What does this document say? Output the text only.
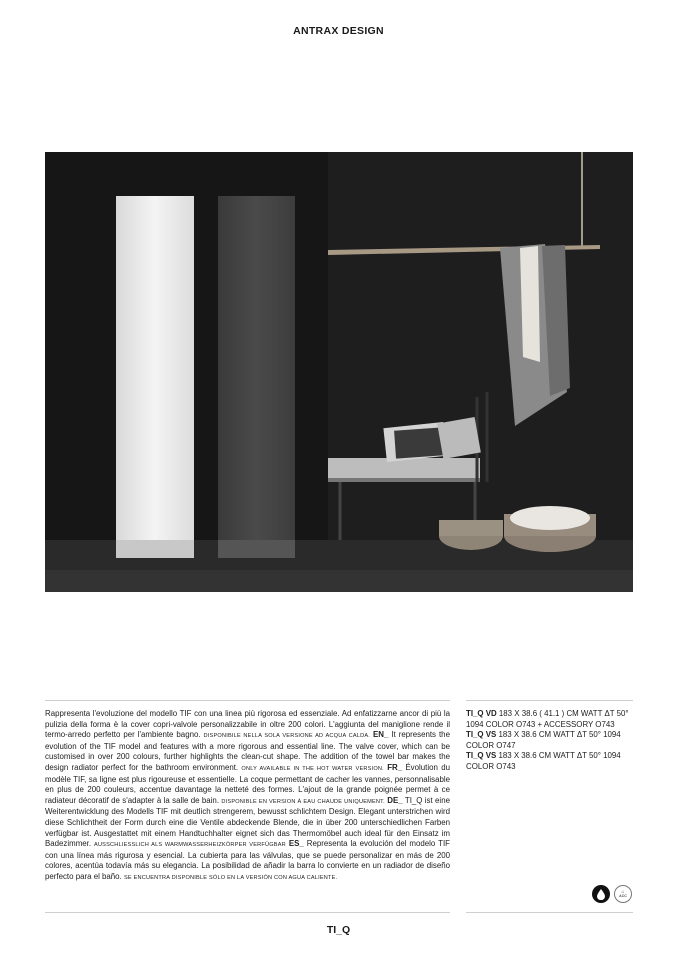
ANTRAX DESIGN
Rappresenta l'evoluzione del modello TIF con una linea più rigorosa ed essenziale. Ad enfatizzarne ancor di più la pulizia della forma è la cover copri-valvole personalizzabile in oltre 200 colori. L'aggiunta del maniglione rende il termo-arredo perfetto per l'ambiente bagno. DISPONIBILE NELLA SOLA VERSIONE AD ACQUA CALDA. EN_ It represents the evolution of the TIF model and features with a more rigorous and essential line. The valve cover, which can be customised in over 200 colours, further highlights the clean-cut shape. The addition of the towel bar makes the design radiator perfect for the bathroom environment. ONLY AVAILABLE IN THE HOT WATER VERSION. FR_ Évolution du modèle TIF, sa ligne est plus rigoureuse et essentielle. La coque permettant de cacher les vannes, personnalisable en plus de 200 couleurs, accentue davantage la netteté des formes. L'ajout de la grande poignée permet à ce radiateur décoratif de s'adapter à la salle de bain. DISPONIBLE EN VERSION À EAU CHAUDE UNIQUEMENT. DE_ TI_Q ist eine Weiterentwicklung des Modells TIF mit deutlich strengerem, bewusst schlichtem Design. Elegant unterstrichen wird diese Schlichtheit der Form durch eine die Ventile abdeckende Blende, die in über 200 unterschiedlichen Farben verfügbar ist. Ausgestattet mit einem Handtuchhalter eignet sich das Thermomöbel auch ideal für den Einsatz im Badezimmer. AUSSCHLIESSLICH ALS WARMWASSERHEIZKÖRPER VERFÜGBAR ES_ Representa la evolución del modelo TIF con una línea más rigurosa y esencial. La cubierta para las válvulas, que se puede personalizar en más de 200 colores, acentúa todavía más su elegancia. La posibilidad de añadir la barra lo convierte en un radiador de diseño perfecto para el baño. SE ENCUENTRA DISPONIBLE SÓLO EN LA VERSIÓN CON AGUA CALIENTE.
TI_Q VD 183 X 38.6 ( 41.1 ) CM WATT ΔT 50° 1094 COLOR O743 + ACCESSORY O743
TI_Q VS 183 X 38.6 CM WATT ΔT 50° 1094 COLOR O747
TI_Q VS 183 X 38.6 CM WATT ΔT 50° 1094 COLOR O743
⌂
ACC
TI_Q
